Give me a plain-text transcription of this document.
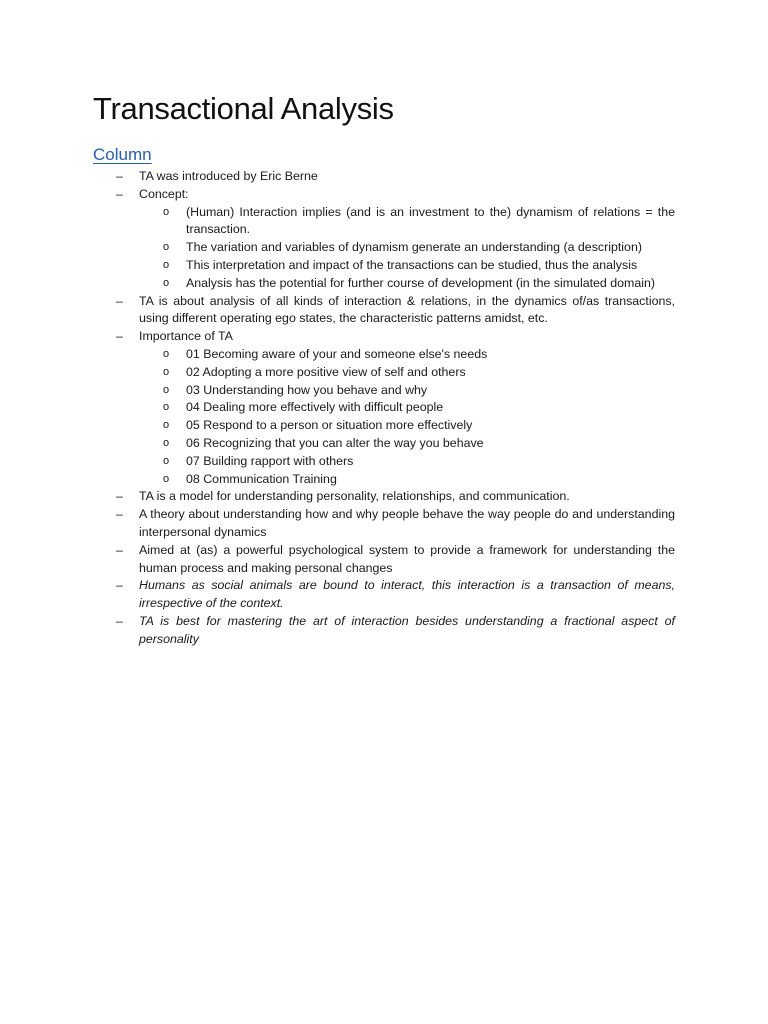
Transactional Analysis
Column
– TA was introduced by Eric Berne
– Concept:
o (Human) Interaction implies (and is an investment to the) dynamism of relations = the transaction.
o The variation and variables of dynamism generate an understanding (a description)
o This interpretation and impact of the transactions can be studied, thus the analysis
o Analysis has the potential for further course of development (in the simulated domain)
– TA is about analysis of all kinds of interaction & relations, in the dynamics of/as transactions, using different operating ego states, the characteristic patterns amidst, etc.
– Importance of TA
o 01 Becoming aware of your and someone else's needs
o 02 Adopting a more positive view of self and others
o 03 Understanding how you behave and why
o 04 Dealing more effectively with difficult people
o 05 Respond to a person or situation more effectively
o 06 Recognizing that you can alter the way you behave
o 07 Building rapport with others
o 08 Communication Training
– TA is a model for understanding personality, relationships, and communication.
– A theory about understanding how and why people behave the way people do and understanding interpersonal dynamics
– Aimed at (as) a powerful psychological system to provide a framework for understanding the human process and making personal changes
– Humans as social animals are bound to interact, this interaction is a transaction of means, irrespective of the context.
– TA is best for mastering the art of interaction besides understanding a fractional aspect of personality
